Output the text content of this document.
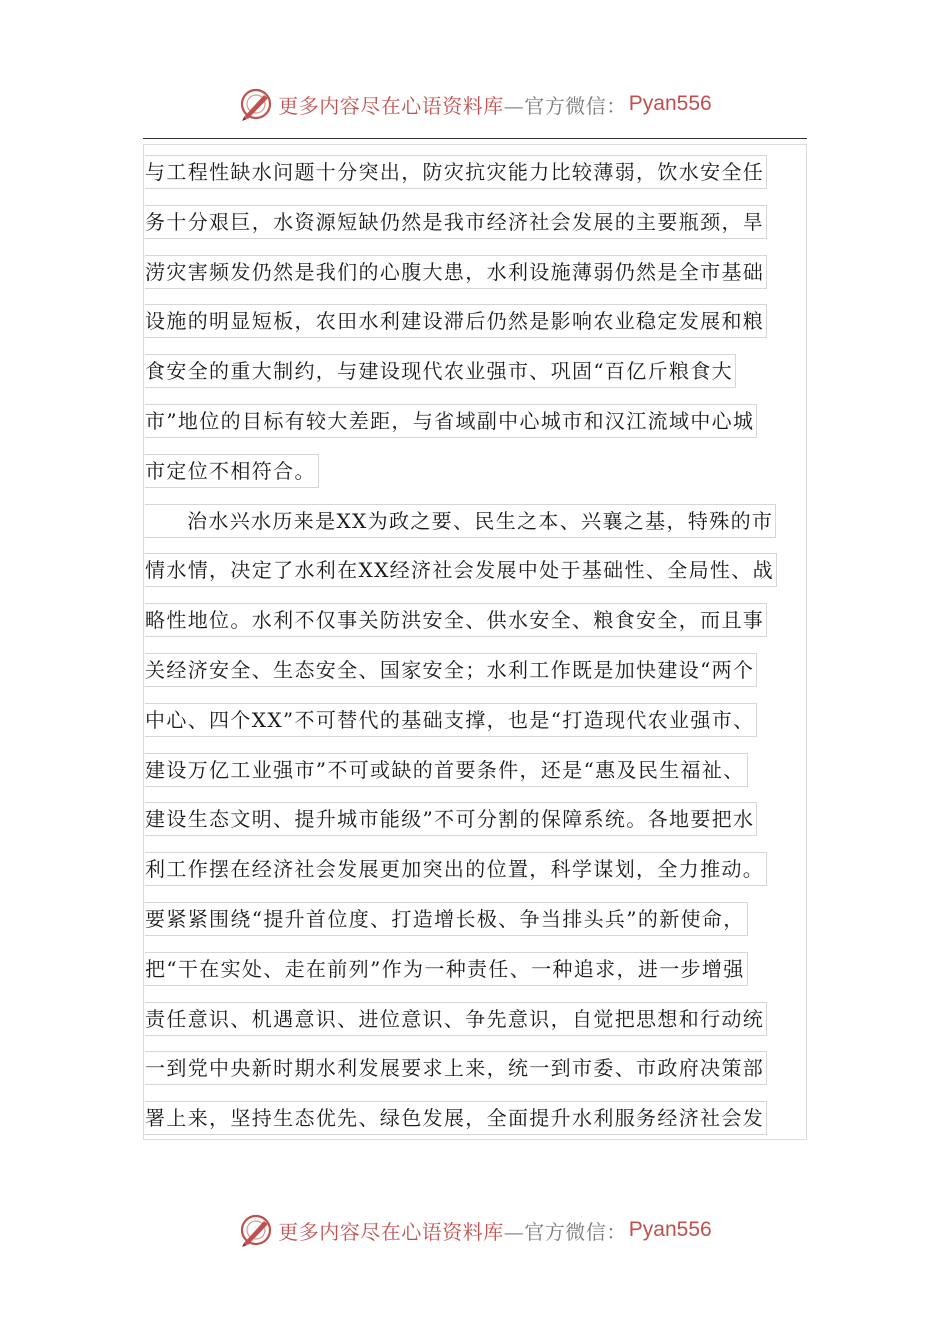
更多内容尽在心语资料库—官方微信： Pyan556
与工程性缺水问题十分突出，防灾抗灾能力比较薄弱，饮水安全任
务十分艰巨，水资源短缺仍然是我市经济社会发展的主要瓶颈，旱
涝灾害频发仍然是我们的心腹大患，水利设施薄弱仍然是全市基础
设施的明显短板，农田水利建设滞后仍然是影响农业稳定发展和粮
食安全的重大制约，与建设现代农业强市、巩固“百亿斤粮食大
市”地位的目标有较大差距，与省域副中心城市和汉江流域中心城
市定位不相符合。
治水兴水历来是XX为政之要、民生之本、兴襄之基，特殊的市
情水情，决定了水利在XX经济社会发展中处于基础性、全局性、战
略性地位。水利不仅事关防洪安全、供水安全、粮食安全，而且事
关经济安全、生态安全、国家安全；水利工作既是加快建设“两个
中心、四个XX”不可替代的基础支撑，也是“打造现代农业强市、
建设万亿工业强市”不可或缺的首要条件，还是“惠及民生福祉、
建设生态文明、提升城市能级”不可分割的保障系统。各地要把水
利工作摆在经济社会发展更加突出的位置，科学谋划，全力推动。
要紧紧围绕“提升首位度、打造增长极、争当排头兵”的新使命，
把“干在实处、走在前列”作为一种责任、一种追求，进一步增强
责任意识、机遇意识、进位意识、争先意识，自觉把思想和行动统
一到党中央新时期水利发展要求上来，统一到市委、市政府决策部
署上来，坚持生态优先、绿色发展，全面提升水利服务经济社会发
更多内容尽在心语资料库—官方微信： Pyan556
